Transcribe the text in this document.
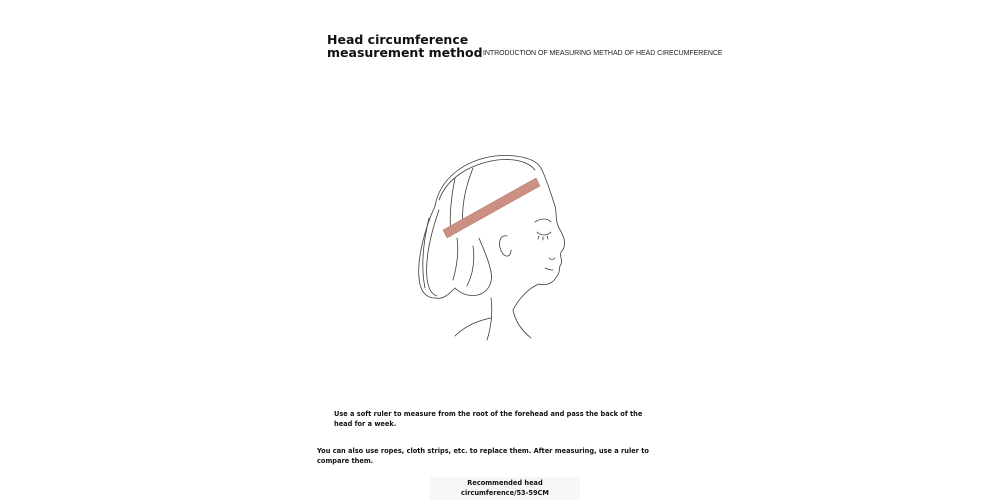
Head circumference
measurement method INTRODUCTION OF MEASURING METHAD OF HEAD CIRECUMFERENCE
Use a soft ruler to measure from the root of the forehead and pass the back of the head for a week.
You can also use ropes, cloth strips, etc. to replace them. After measuring, use a ruler to compare them.
Recommended head
circumference/53-59CM
